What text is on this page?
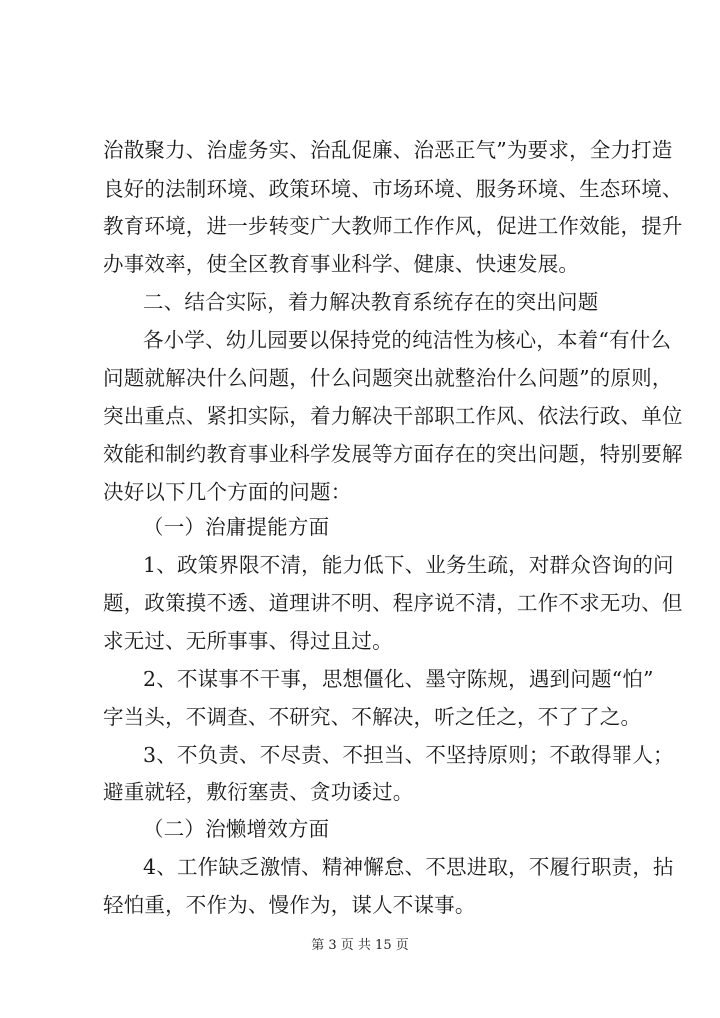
治散聚力、治虚务实、治乱促廉、治恶正气”为要求，全力打造
良好的法制环境、政策环境、市场环境、服务环境、生态环境、
教育环境，进一步转变广大教师工作作风，促进工作效能，提升
办事效率，使全区教育事业科学、健康、快速发展。
二、结合实际，着力解决教育系统存在的突出问题
各小学、幼儿园要以保持党的纯洁性为核心，本着“有什么
问题就解决什么问题，什么问题突出就整治什么问题”的原则，
突出重点、紧扣实际，着力解决干部职工作风、依法行政、单位
效能和制约教育事业科学发展等方面存在的突出问题，特别要解
决好以下几个方面的问题：
（一）治庸提能方面
1、政策界限不清，能力低下、业务生疏，对群众咨询的问
题，政策摸不透、道理讲不明、程序说不清，工作不求无功、但
求无过、无所事事、得过且过。
2、不谋事不干事，思想僵化、墨守陈规，遇到问题“怕”
字当头，不调查、不研究、不解决，听之任之，不了了之。
3、不负责、不尽责、不担当、不坚持原则；不敢得罪人；
避重就轻，敷衍塞责、贪功诿过。
（二）治懒增效方面
4、工作缺乏激情、精神懈怠、不思进取，不履行职责，拈
轻怕重，不作为、慢作为，谋人不谋事。
第 3 页 共 15 页
